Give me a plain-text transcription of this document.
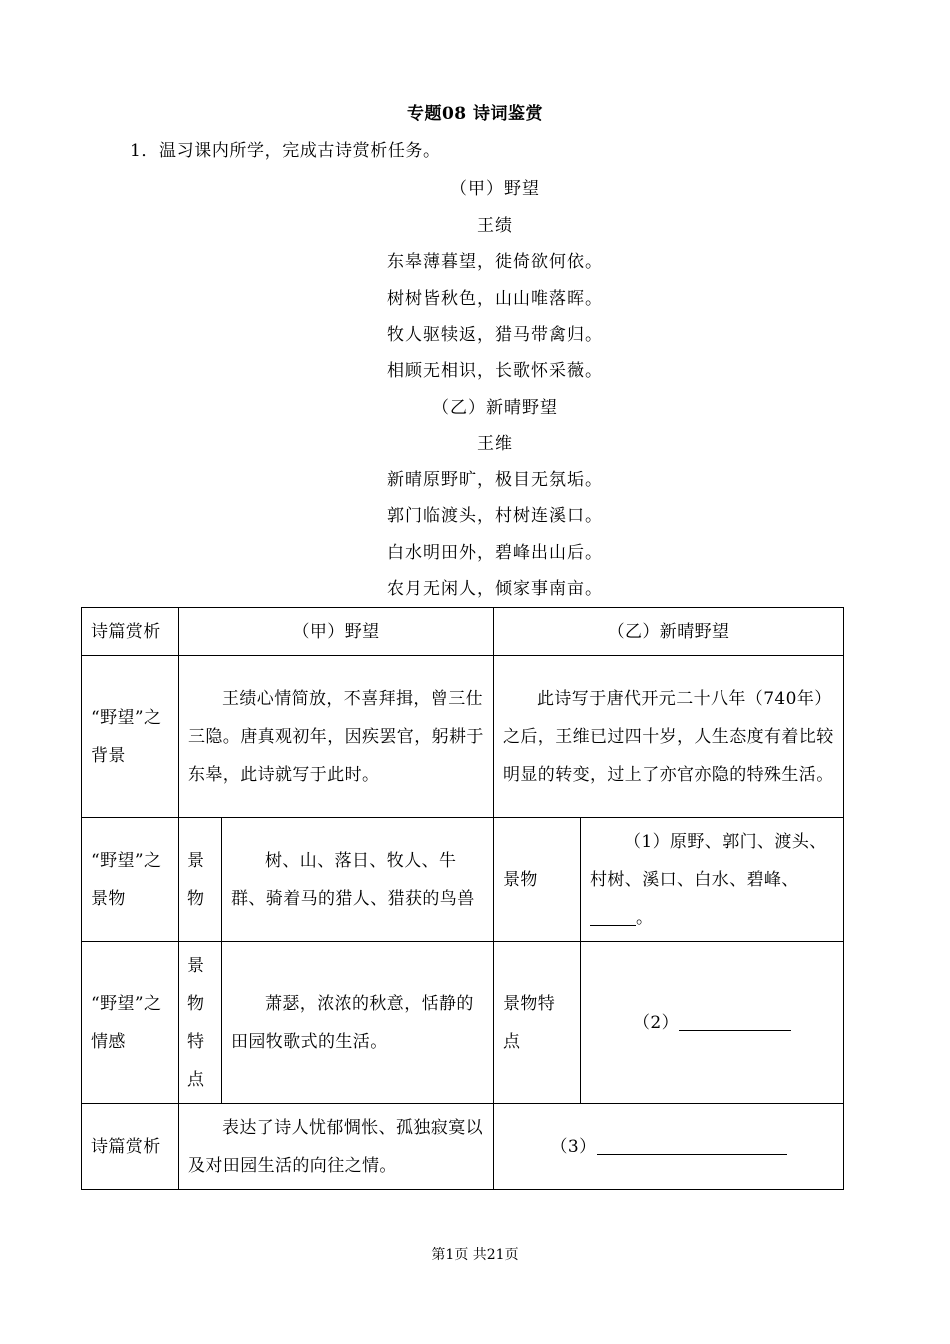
专题08 诗词鉴赏
1．温习课内所学，完成古诗赏析任务。
（甲）野望
王绩
东皋薄暮望，徙倚欲何依。
树树皆秋色，山山唯落晖。
牧人驱犊返，猎马带禽归。
相顾无相识，长歌怀采薇。
（乙）新晴野望
王维
新晴原野旷，极目无氛垢。
郭门临渡头，村树连溪口。
白水明田外，碧峰出山后。
农月无闲人，倾家事南亩。
诗篇赏析	（甲）野望		（乙）新晴野望	
“野望”之背景	王绩心情简放，不喜拜揖，曾三仕三隐。唐真观初年，因疾罢官，躬耕于东皋，此诗就写于此时。		此诗写于唐代开元二十八年（740年）之后，王维已过四十岁，人生态度有着比较明显的转变，过上了亦官亦隐的特殊生活。	
“野望”之景物	景物	树、山、落日、牧人、牛群、骑着马的猎人、猎获的鸟兽	景物	（1）原野、郭门、渡头、村树、溪口、白水、碧峰、。
“野望”之情感	景物特点	萧瑟，浓浓的秋意，恬静的田园牧歌式的生活。	景物特点	（2）
诗篇赏析	表达了诗人忧郁惆怅、孤独寂寞以及对田园生活的向往之情。		（3）	
第1页 共21页
